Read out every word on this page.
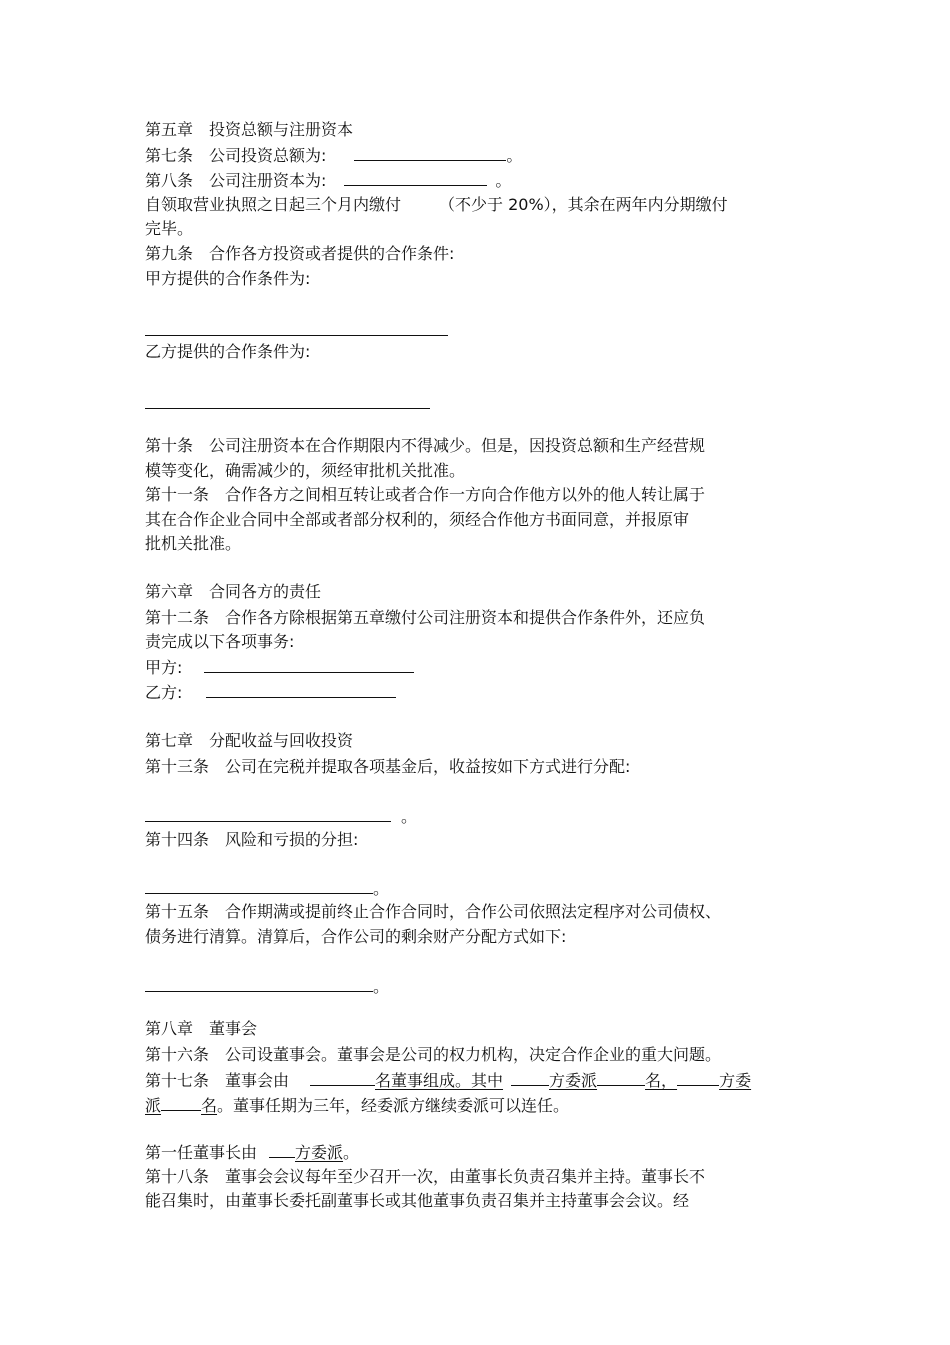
第五章　投资总额与注册资本
第七条　公司投资总额为:	。
第八条　公司注册资本为:	。
自领取营业执照之日起三个月内缴付 （不少于 20%），其余在两年内分期缴付
完毕。
第九条　合作各方投资或者提供的合作条件:
甲方提供的合作条件为:
乙方提供的合作条件为:
第十条　公司注册资本在合作期限内不得减少。但是，因投资总额和生产经营规
模等变化，确需减少的，须经审批机关批准。
第十一条　合作各方之间相互转让或者合作一方向合作他方以外的他人转让属于
其在合作企业合同中全部或者部分权利的，须经合作他方书面同意，并报原审
批机关批准。
第六章　合同各方的责任
第十二条　合作各方除根据第五章缴付公司注册资本和提供合作条件外，还应负
责完成以下各项事务:
甲方:
乙方:
第七章　分配收益与回收投资
第十三条　公司在完税并提取各项基金后，收益按如下方式进行分配:
。
第十四条　风险和亏损的分担:
。
第十五条　合作期满或提前终止合作合同时，合作公司依照法定程序对公司债权、
债务进行清算。清算后，合作公司的剩余财产分配方式如下:
。
第八章　董事会
第十六条　公司设董事会。董事会是公司的权力机构，决定合作企业的重大问题。
第十七条　董事会由	名董事组成。其中	方委派	名，	方委
派	名。董事任期为三年，经委派方继续委派可以连任。
第一任董事长由 方委派。
第十八条　董事会会议每年至少召开一次，由董事长负责召集并主持。董事长不
能召集时，由董事长委托副董事长或其他董事负责召集并主持董事会会议。经
